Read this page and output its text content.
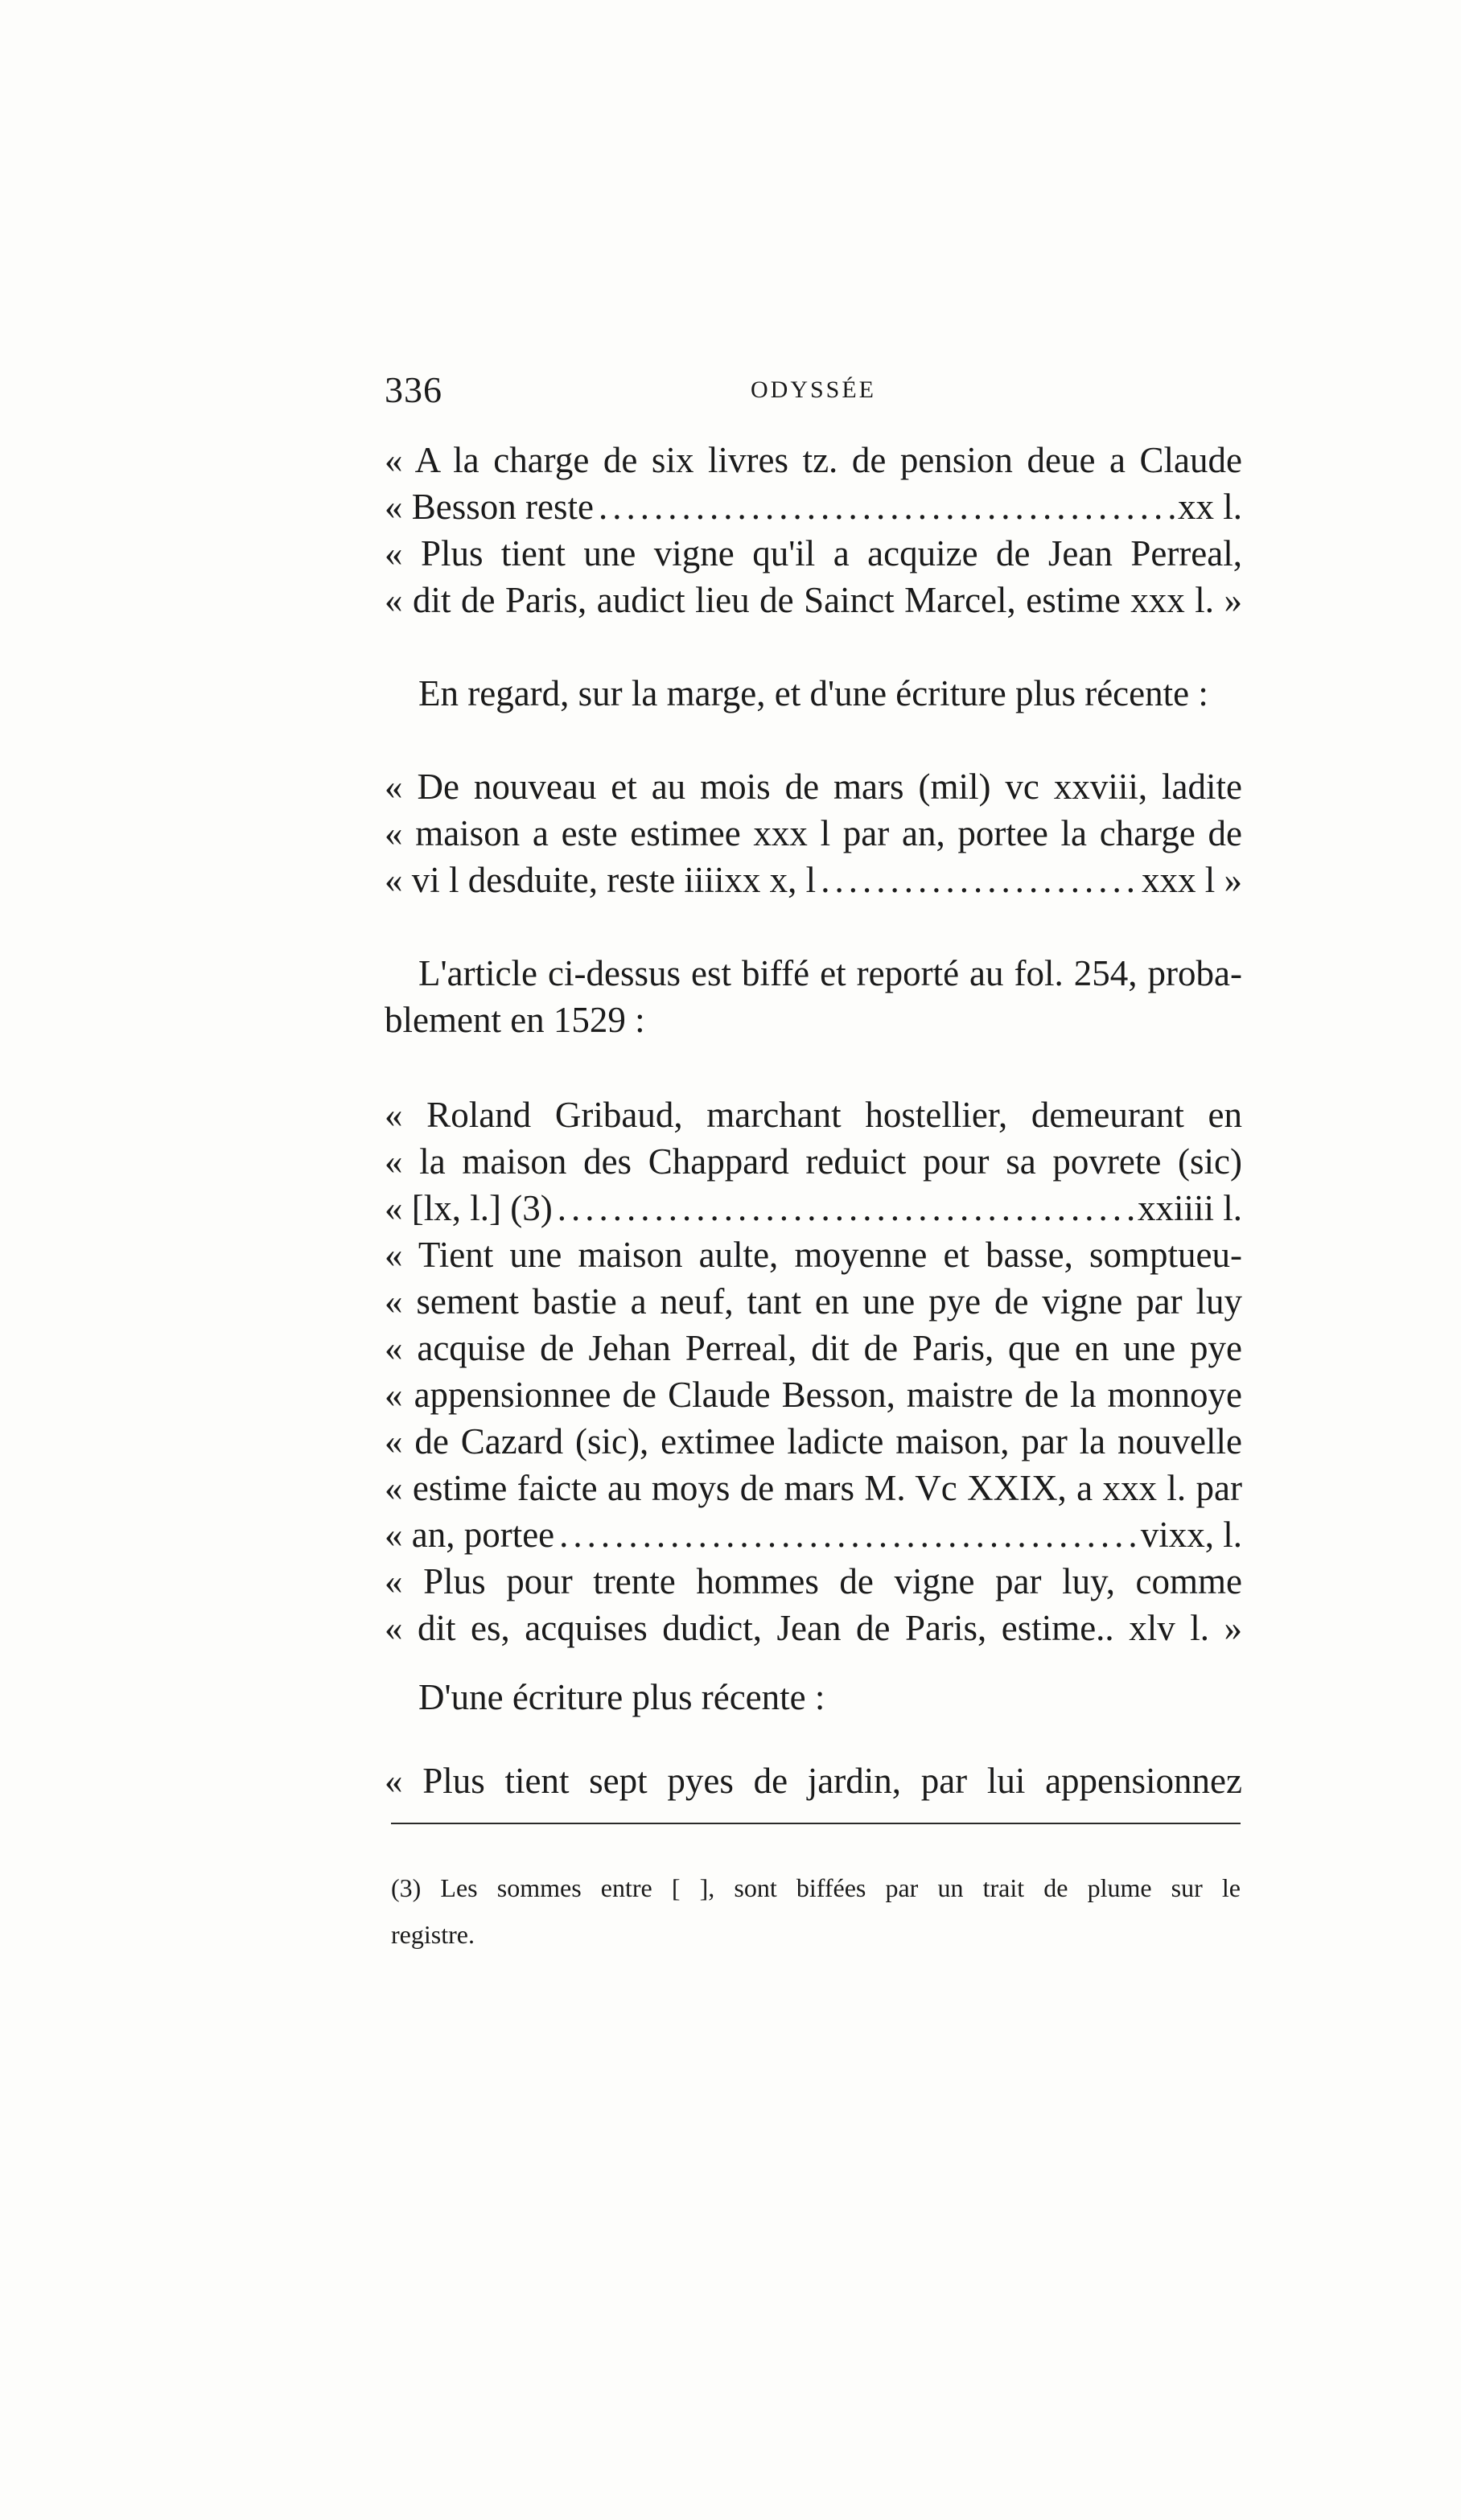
336	ODYSSÉE
« A la charge de six livres tz. de pension deue a Claude
« Besson reste .....	xx l.
« Plus tient une vigne qu'il a acquize de Jean Perreal,
« dit de Paris, audict lieu de Sainct Marcel, estime xxx l. »
En regard, sur la marge, et d'une écriture plus récente :
« De nouveau et au mois de mars (mil) vc xxviii, ladite
« maison a este estimee xxx l par an, portee la charge de
« vi l desduite, reste iiiixx x, l .....	xxx l »
L'article ci-dessus est biffé et reporté au fol. 254, proba-
blement en 1529 :
« Roland Gribaud, marchant hostellier, demeurant en
« la maison des Chappard reduict pour sa povrete (sic)
« [lx, l.] (3) .....	xxiiii l.
« Tient une maison aulte, moyenne et basse, somptueu-
« sement bastie a neuf, tant en une pye de vigne par luy
« acquise de Jehan Perreal, dit de Paris, que en une pye
« appensionnee de Claude Besson, maistre de la monnoye
« de Cazard (sic), extimee ladicte maison, par la nouvelle
« estime faicte au moys de mars M. Vc XXIX, a xxx l. par
« an, portee .....	vixx, l.
« Plus pour trente hommes de vigne par luy, comme
« dit es, acquises dudict, Jean de Paris, estime.. xlv l. »
D'une écriture plus récente :
« Plus tient sept pyes de jardin, par lui appensionnez
(3) Les sommes entre [ ], sont biffées par un trait de plume sur le
registre.
